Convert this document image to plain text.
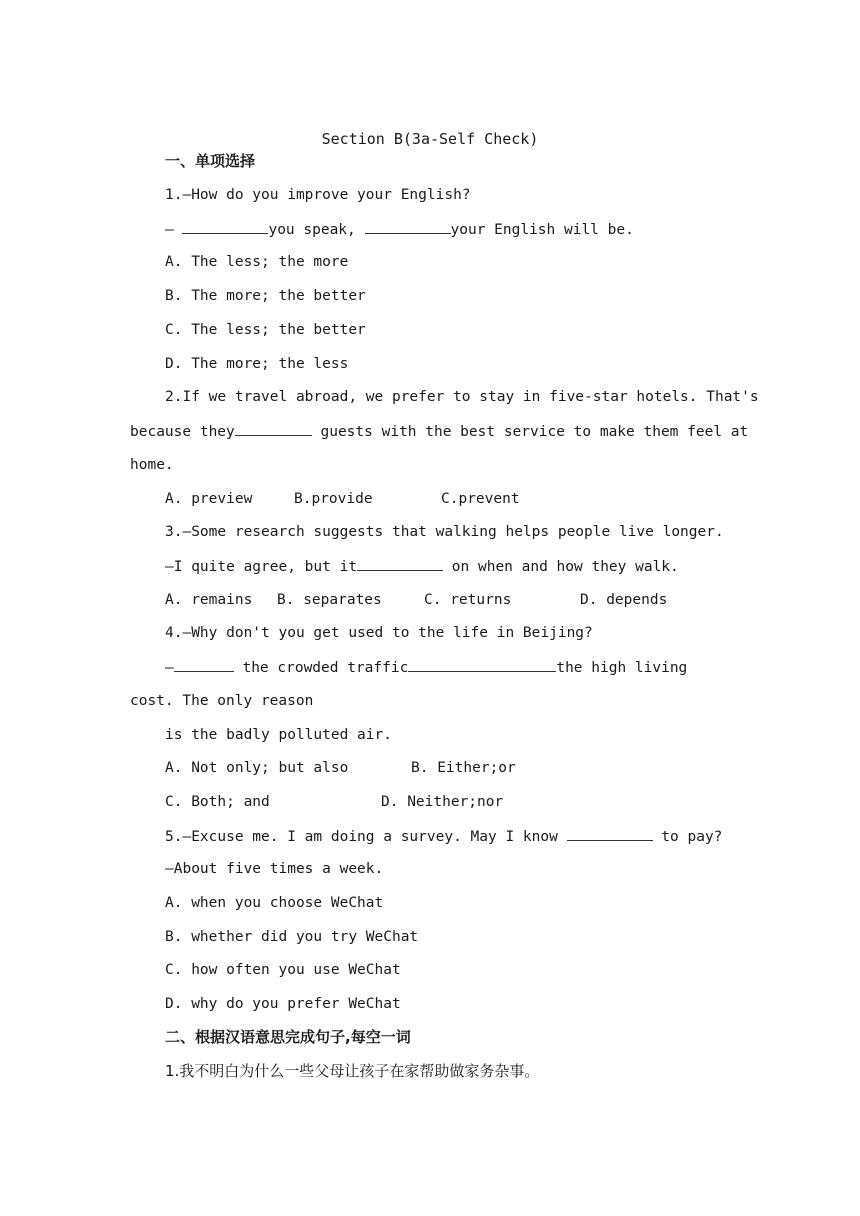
Section B(3a-Self Check)
一、单项选择
1.—How do you improve your English?
—	you speak,	your English will be.
A. The less; the more
B. The more; the better
C. The less; the better
D. The more; the less
2.If we travel abroad, we prefer to stay in five-star hotels. That's
because they	guests with the best service to make them feel at
home.
A. preview	B.provide	C.prevent
3.—Some research suggests that walking helps people live longer.
—I quite agree, but it	on when and how they walk.
A. remains B. separates	C. returns	D. depends
4.—Why don't you get used to the life in Beijing?
—	the crowded traffic	the high living
cost. The only reason
is the badly polluted air.
A. Not only; but also	B. Either;or
C. Both; and	D. Neither;nor
5.—Excuse me. I am doing a survey. May I know	to pay?
—About five times a week.
A. when you choose WeChat
B. whether did you try WeChat
C. how often you use WeChat
D. why do you prefer WeChat
二、根据汉语意思完成句子,每空一词
1.我不明白为什么一些父母让孩子在家帮助做家务杂事。
